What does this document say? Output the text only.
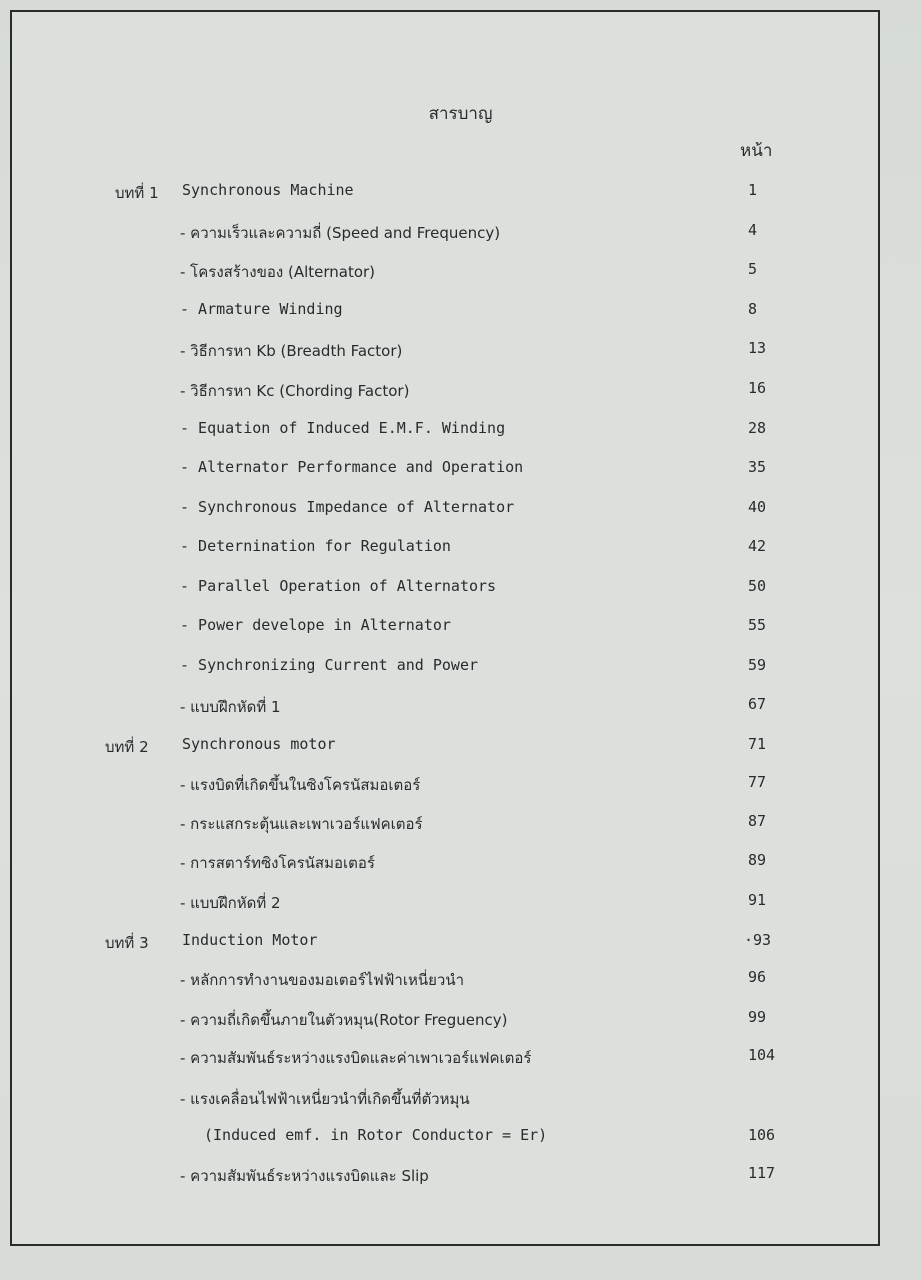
สารบาญ
หน้า
บทที่ 1 Synchronous Machine	1
- ความเร็วและความถี่ (Speed and Frequency)	4
- โครงสร้างของ (Alternator)	5
- Armature Winding	8
- วิธีการหา Kb (Breadth Factor)	13
- วิธีการหา Kc (Chording Factor)	16
- Equation of Induced E.M.F. Winding	28
- Alternator Performance and Operation	35
- Synchronous Impedance of Alternator	40
- Deternination for Regulation	42
- Parallel Operation of Alternators	50
- Power develope in Alternator	55
- Synchronizing Current and Power	59
- แบบฝึกหัดที่ 1	67
บทที่ 2 Synchronous motor	71
- แรงบิดที่เกิดขึ้นในซิงโครนัสมอเตอร์	77
- กระแสกระตุ้นและเพาเวอร์แฟคเตอร์	87
- การสตาร์ทซิงโครนัสมอเตอร์	89
- แบบฝึกหัดที่ 2	91
บทที่ 3 Induction Motor	·93
- หลักการทำงานของมอเตอร์ไฟฟ้าเหนี่ยวนำ	96
- ความถี่เกิดขึ้นภายในตัวหมุน(Rotor Freguency)	99
- ความสัมพันธ์ระหว่างแรงบิดและค่าเพาเวอร์แฟคเตอร์	104
- แรงเคลื่อนไฟฟ้าเหนี่ยวนำที่เกิดขึ้นที่ตัวหมุน
(Induced emf. in Rotor Conductor = Er)	106
- ความสัมพันธ์ระหว่างแรงบิดและ Slip	117
